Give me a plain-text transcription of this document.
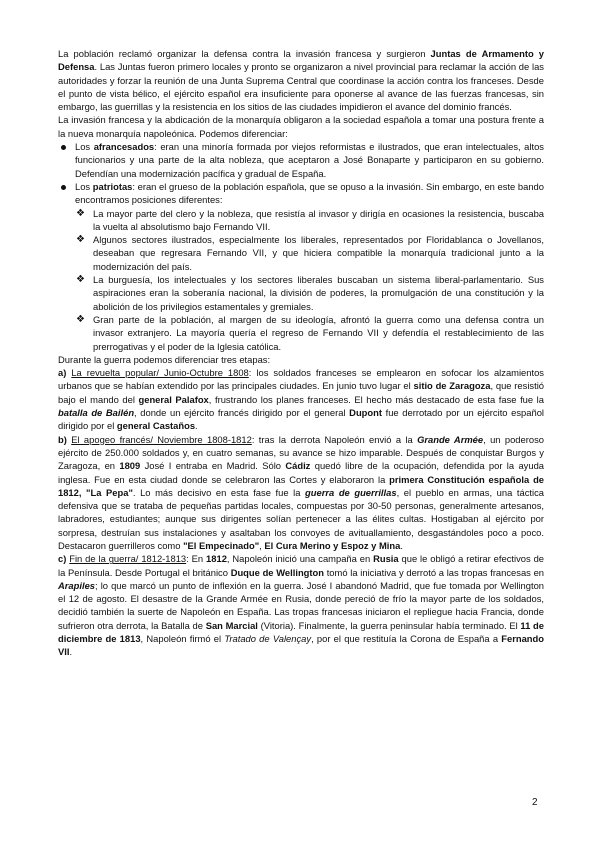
La población reclamó organizar la defensa contra la invasión francesa y surgieron Juntas de Armamento y Defensa. Las Juntas fueron primero locales y pronto se organizaron a nivel provincial para reclamar la acción de las autoridades y forzar la reunión de una Junta Suprema Central que coordinase la acción contra los franceses. Desde el punto de vista bélico, el ejército español era insuficiente para oponerse al avance de las fuerzas francesas, sin embargo, las guerrillas y la resistencia en los sitios de las ciudades impidieron el avance del dominio francés.

La invasión francesa y la abdicación de la monarquía obligaron a la sociedad española a tomar una postura frente a la nueva monarquía napoleónica. Podemos diferenciar:

Los afrancesados: eran una minoría formada por viejos reformistas e ilustrados, que eran intelectuales, altos funcionarios y una parte de la alta nobleza, que aceptaron a José Bonaparte y participaron en su gobierno. Defendían una modernización pacífica y gradual de España.
Los patriotas: eran el grueso de la población española, que se opuso a la invasión. Sin embargo, en este bando encontramos posiciones diferentes:
❖ La mayor parte del clero y la nobleza, que resistía al invasor y dirigía en ocasiones la resistencia, buscaba la vuelta al absolutismo bajo Fernando VII.
❖ Algunos sectores ilustrados, especialmente los liberales, representados por Floridablanca o Jovellanos, deseaban que regresara Fernando VII, y que hiciera compatible la monarquía tradicional junto a la modernización del país.
❖ La burguesía, los intelectuales y los sectores liberales buscaban un sistema liberal-parlamentario. Sus aspiraciones eran la soberanía nacional, la división de poderes, la promulgación de una constitución y la abolición de los privilegios estamentales y gremiales.
❖ Gran parte de la población, al margen de su ideología, afrontó la guerra como una defensa contra un invasor extranjero. La mayoría quería el regreso de Fernando VII y defendía el restablecimiento de las prerrogativas y el poder de la Iglesia católica.

Durante la guerra podemos diferenciar tres etapas:

a) La revuelta popular/ Junio-Octubre 1808: los soldados franceses se emplearon en sofocar los alzamientos urbanos que se habían extendido por las principales ciudades. En junio tuvo lugar el sitio de Zaragoza, que resistió bajo el mando del general Palafox, frustrando los planes franceses. El hecho más destacado de esta fase fue la batalla de Bailén, donde un ejército francés dirigido por el general Dupont fue derrotado por un ejército español dirigido por el general Castaños.

b) El apogeo francés/ Noviembre 1808-1812: tras la derrota Napoleón envió a la Grande Armée, un poderoso ejército de 250.000 soldados y, en cuatro semanas, su avance se hizo imparable. Después de conquistar Burgos y Zaragoza, en 1809 José I entraba en Madrid. Sólo Cádiz quedó libre de la ocupación, defendida por la ayuda inglesa. Fue en esta ciudad donde se celebraron las Cortes y elaboraron la primera Constitución española de 1812, "La Pepa". Lo más decisivo en esta fase fue la guerra de guerrillas, el pueblo en armas, una táctica defensiva que se trataba de pequeñas partidas locales, compuestas por 30-50 personas, generalmente artesanos, labradores, estudiantes; aunque sus dirigentes solían pertenecer a las élites cultas. Hostigaban al ejército por sorpresa, destruían sus instalaciones y asaltaban los convoyes de avituallamiento, desgastándoles poco a poco. Destacaron guerrilleros como "El Empecinado", El Cura Merino y Espoz y Mina.

c) Fin de la guerra/ 1812-1813: En 1812, Napoleón inició una campaña en Rusia que le obligó a retirar efectivos de la Península. Desde Portugal el británico Duque de Wellington tomó la iniciativa y derrotó a las tropas francesas en Arapiles; lo que marcó un punto de inflexión en la guerra. José I abandonó Madrid, que fue tomada por Wellington el 12 de agosto. El desastre de la Grande Armée en Rusia, donde pereció de frío la mayor parte de los soldados, decidió también la suerte de Napoleón en España. Las tropas francesas iniciaron el repliegue hacia Francia, donde sufrieron otra derrota, la Batalla de San Marcial (Vitoria). Finalmente, la guerra peninsular había terminado. El 11 de diciembre de 1813, Napoleón firmó el Tratado de Valençay, por el que restituía la Corona de España a Fernando VII.

2
